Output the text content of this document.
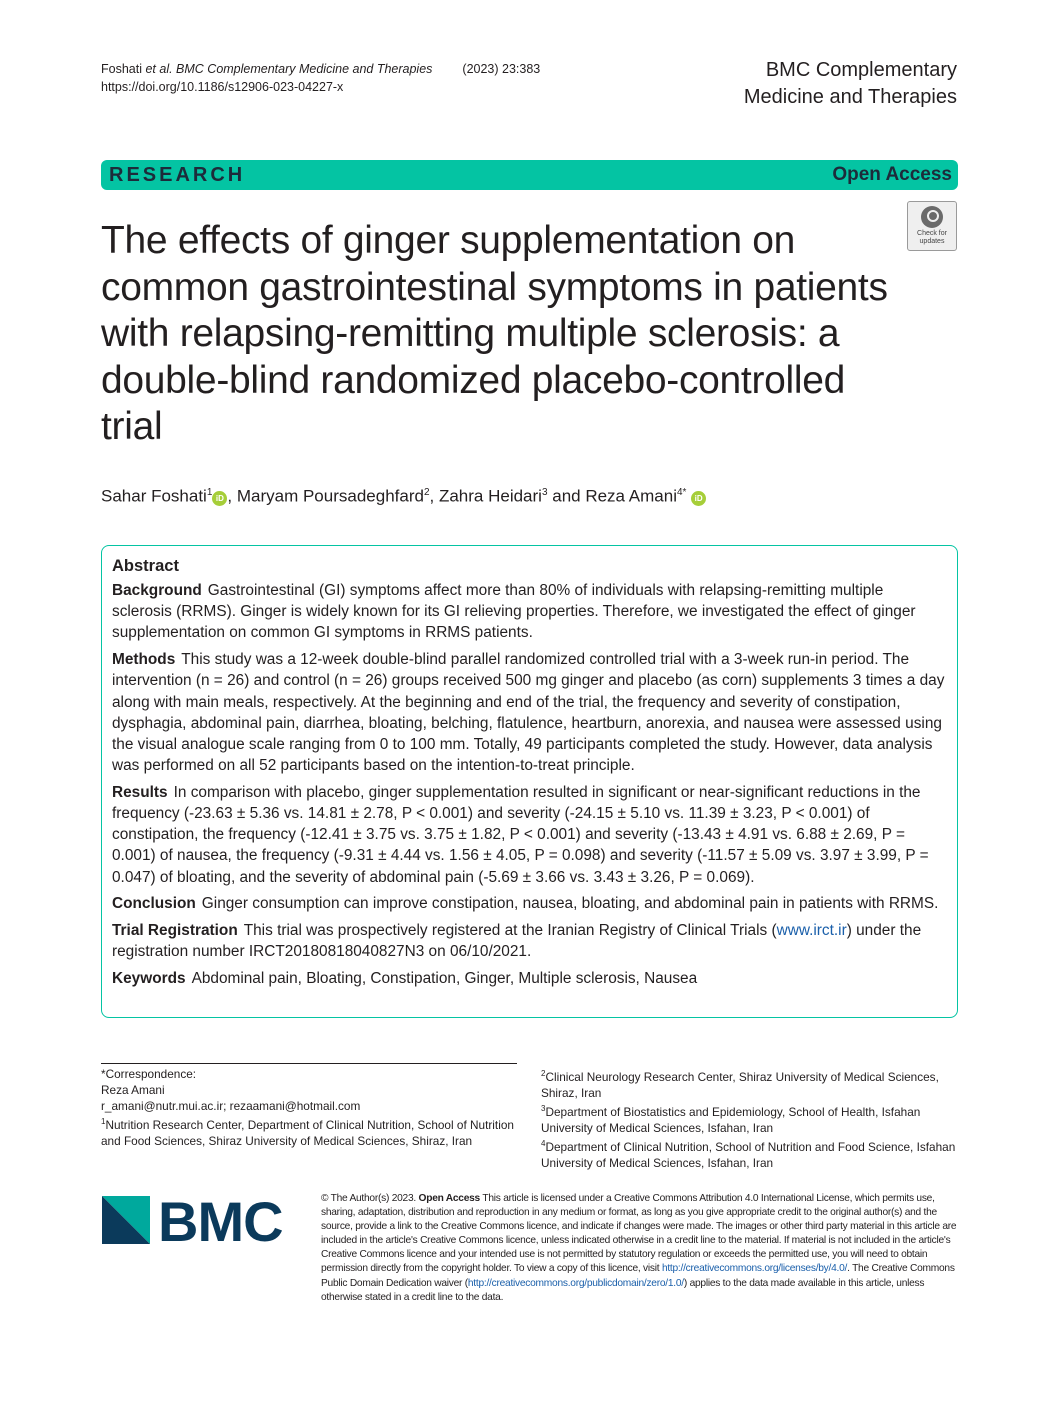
Foshati et al. BMC Complementary Medicine and Therapies (2023) 23:383
https://doi.org/10.1186/s12906-023-04227-x
BMC Complementary
Medicine and Therapies
RESEARCH	Open Access
Check for
updates
The effects of ginger supplementation on common gastrointestinal symptoms in patients with relapsing-remitting multiple sclerosis: a double-blind randomized placebo-controlled trial
Sahar Foshati$^1$iD , Maryam Poursadeghfard$^2$, Zahra Heidari$^3$ and Reza Amani$^{4*}$ iD
Abstract

Background Gastrointestinal (GI) symptoms affect more than 80% of individuals with relapsing-remitting multiple sclerosis (RRMS). Ginger is widely known for its GI relieving properties. Therefore, we investigated the effect of ginger supplementation on common GI symptoms in RRMS patients.

Methods This study was a 12-week double-blind parallel randomized controlled trial with a 3-week run-in period. The intervention (n = 26) and control (n = 26) groups received 500 mg ginger and placebo (as corn) supplements 3 times a day along with main meals, respectively. At the beginning and end of the trial, the frequency and severity of constipation, dysphagia, abdominal pain, diarrhea, bloating, belching, flatulence, heartburn, anorexia, and nausea were assessed using the visual analogue scale ranging from 0 to 100 mm. Totally, 49 participants completed the study. However, data analysis was performed on all 52 participants based on the intention-to-treat principle.

Results In comparison with placebo, ginger supplementation resulted in significant or near-significant reductions in the frequency (-23.63 ± 5.36 vs. 14.81 ± 2.78, P < 0.001) and severity (-24.15 ± 5.10 vs. 11.39 ± 3.23, P < 0.001) of constipation, the frequency (-12.41 ± 3.75 vs. 3.75 ± 1.82, P < 0.001) and severity (-13.43 ± 4.91 vs. 6.88 ± 2.69, P = 0.001) of nausea, the frequency (-9.31 ± 4.44 vs. 1.56 ± 4.05, P = 0.098) and severity (-11.57 ± 5.09 vs. 3.97 ± 3.99, P = 0.047) of bloating, and the severity of abdominal pain (-5.69 ± 3.66 vs. 3.43 ± 3.26, P = 0.069).

Conclusion Ginger consumption can improve constipation, nausea, bloating, and abdominal pain in patients with RRMS.

Trial Registration This trial was prospectively registered at the Iranian Registry of Clinical Trials (www.irct.ir) under the registration number IRCT20180818040827N3 on 06/10/2021.

Keywords Abdominal pain, Bloating, Constipation, Ginger, Multiple sclerosis, Nausea

*Correspondence:
Reza Amani
r_amani@nutr.mui.ac.ir; rezaamani@hotmail.com
$^1$Nutrition Research Center, Department of Clinical Nutrition, School of Nutrition and Food Sciences, Shiraz University of Medical Sciences, Shiraz, Iran
$^2$Clinical Neurology Research Center, Shiraz University of Medical Sciences, Shiraz, Iran
$^3$Department of Biostatistics and Epidemiology, School of Health, Isfahan University of Medical Sciences, Isfahan, Iran
$^4$Department of Clinical Nutrition, School of Nutrition and Food Science, Isfahan University of Medical Sciences, Isfahan, Iran
BMC	© The Author(s) 2023. Open Access This article is licensed under a Creative Commons Attribution 4.0 International License, which permits use, sharing, adaptation, distribution and reproduction in any medium or format, as long as you give appropriate credit to the original author(s) and the source, provide a link to the Creative Commons licence, and indicate if changes were made. The images or other third party material in this article are included in the article's Creative Commons licence, unless indicated otherwise in a credit line to the material. If material is not included in the article's Creative Commons licence and your intended use is not permitted by statutory regulation or exceeds the permitted use, you will need to obtain permission directly from the copyright holder. To view a copy of this licence, visit http://creativecommons.org/licenses/by/4.0/. The Creative Commons Public Domain Dedication waiver (http://creativecommons.org/publicdomain/zero/1.0/) applies to the data made available in this article, unless otherwise stated in a credit line to the data.
